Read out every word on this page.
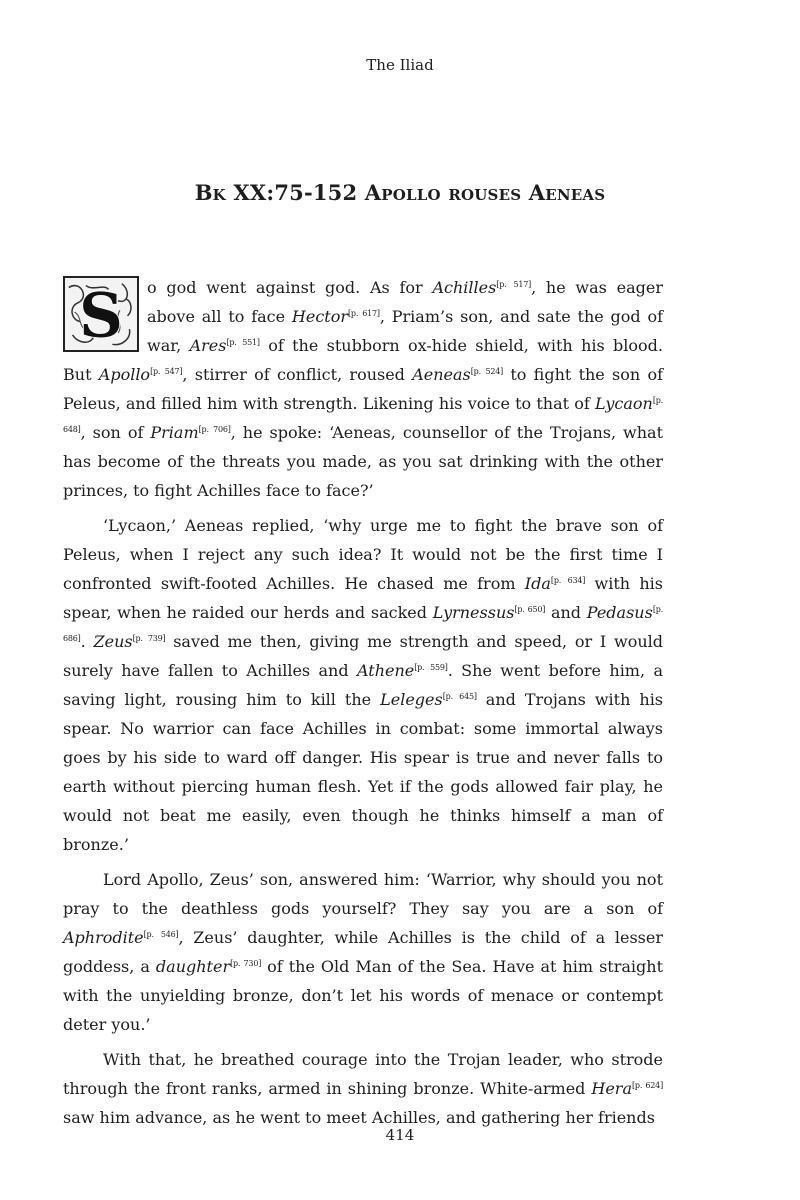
The Iliad
Bk XX:75-152 Apollo rouses Aeneas

S o god went against god. As for Achilles[p. 517], he was eager above all to face Hector[p. 617], Priam’s son, and sate the god of war, Ares[p. 551] of the stubborn ox-hide shield, with his blood. But Apollo[p. 547], stirrer of conflict, roused Aeneas[p. 524] to fight the son of Peleus, and filled him with strength. Likening his voice to that of Lycaon[p. 648], son of Priam[p. 706], he spoke: ‘Aeneas, counsellor of the Trojans, what has become of the threats you made, as you sat drinking with the other princes, to fight Achilles face to face?’

‘Lycaon,’ Aeneas replied, ‘why urge me to fight the brave son of Peleus, when I reject any such idea? It would not be the first time I confronted swift-footed Achilles. He chased me from Ida[p. 634] with his spear, when he raided our herds and sacked Lyrnessus[p. 650] and Pedasus[p. 686]. Zeus[p. 739] saved me then, giving me strength and speed, or I would surely have fallen to Achilles and Athene[p. 559]. She went before him, a saving light, rousing him to kill the Leleges[p. 645] and Trojans with his spear. No warrior can face Achilles in combat: some immortal always goes by his side to ward off danger. His spear is true and never falls to earth without piercing human flesh. Yet if the gods allowed fair play, he would not beat me easily, even though he thinks himself a man of bronze.’

Lord Apollo, Zeus’ son, answered him: ‘Warrior, why should you not pray to the deathless gods yourself? They say you are a son of Aphrodite[p. 546], Zeus’ daughter, while Achilles is the child of a lesser goddess, a daughter[p. 730] of the Old Man of the Sea. Have at him straight with the unyielding bronze, don’t let his words of menace or contempt deter you.’

With that, he breathed courage into the Trojan leader, who strode through the front ranks, armed in shining bronze. White-armed Hera[p. 624] saw him advance, as he went to meet Achilles, and gathering her friends

414
